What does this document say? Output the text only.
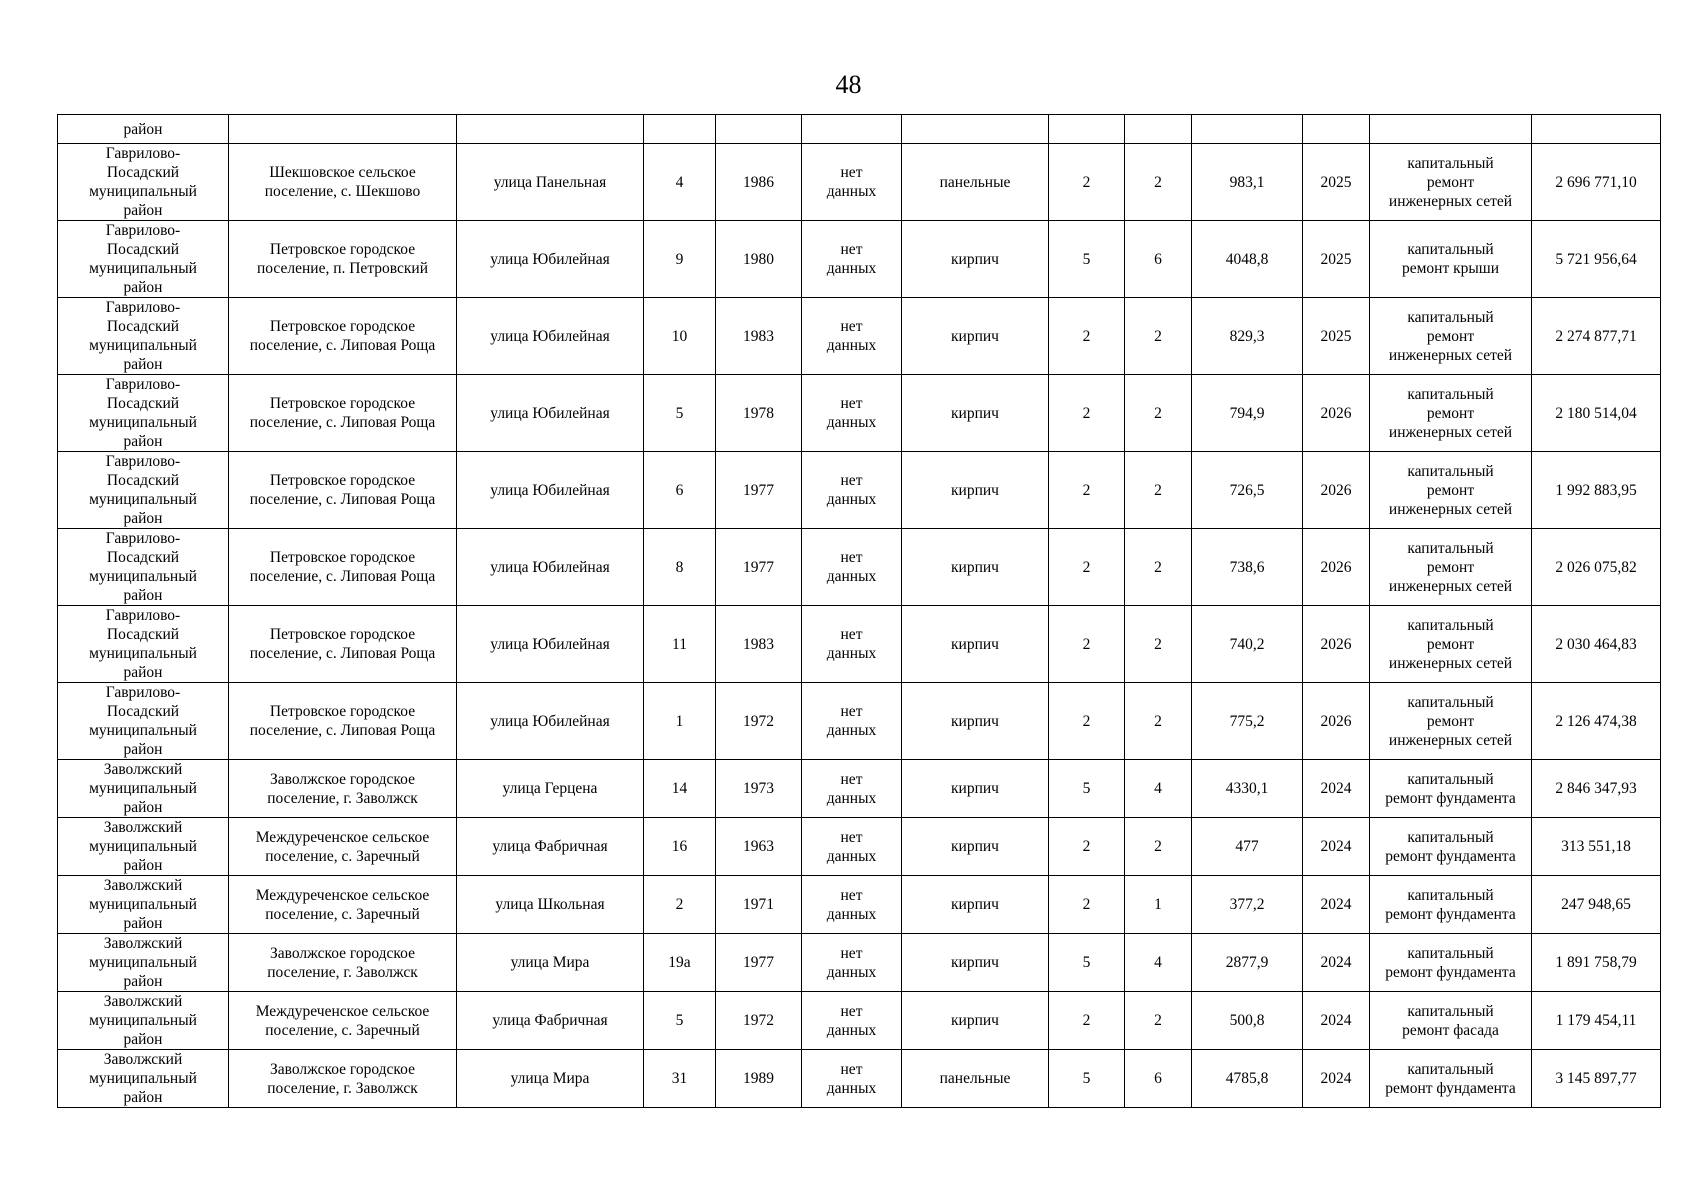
48
район												

Гаврилово-
Посадский
муниципальный
район	Шекшовское сельское
поселение, с. Шекшово	улица Панельная	4	1986	нет
данных	панельные	2	2	983,1	2025	капитальный
ремонт
инженерных сетей	2 696 771,10

Гаврилово-
Посадский
муниципальный
район	Петровское городское
поселение, п. Петровский	улица Юбилейная	9	1980	нет
данных	кирпич	5	6	4048,8	2025	капитальный
ремонт крыши	5 721 956,64

Гаврилово-
Посадский
муниципальный
район	Петровское городское
поселение, с. Липовая Роща	улица Юбилейная	10	1983	нет
данных	кирпич	2	2	829,3	2025	капитальный
ремонт
инженерных сетей	2 274 877,71

Гаврилово-
Посадский
муниципальный
район	Петровское городское
поселение, с. Липовая Роща	улица Юбилейная	5	1978	нет
данных	кирпич	2	2	794,9	2026	капитальный
ремонт
инженерных сетей	2 180 514,04

Гаврилово-
Посадский
муниципальный
район	Петровское городское
поселение, с. Липовая Роща	улица Юбилейная	6	1977	нет
данных	кирпич	2	2	726,5	2026	капитальный
ремонт
инженерных сетей	1 992 883,95

Гаврилово-
Посадский
муниципальный
район	Петровское городское
поселение, с. Липовая Роща	улица Юбилейная	8	1977	нет
данных	кирпич	2	2	738,6	2026	капитальный
ремонт
инженерных сетей	2 026 075,82

Гаврилово-
Посадский
муниципальный
район	Петровское городское
поселение, с. Липовая Роща	улица Юбилейная	11	1983	нет
данных	кирпич	2	2	740,2	2026	капитальный
ремонт
инженерных сетей	2 030 464,83

Гаврилово-
Посадский
муниципальный
район	Петровское городское
поселение, с. Липовая Роща	улица Юбилейная	1	1972	нет
данных	кирпич	2	2	775,2	2026	капитальный
ремонт
инженерных сетей	2 126 474,38

Заволжский
муниципальный
район	Заволжское городское
поселение, г. Заволжск	улица Герцена	14	1973	нет
данных	кирпич	5	4	4330,1	2024	капитальный
ремонт фундамента	2 846 347,93

Заволжский
муниципальный
район	Междуреченское сельское
поселение, с. Заречный	улица Фабричная	16	1963	нет
данных	кирпич	2	2	477	2024	капитальный
ремонт фундамента	313 551,18

Заволжский
муниципальный
район	Междуреченское сельское
поселение, с. Заречный	улица Школьная	2	1971	нет
данных	кирпич	2	1	377,2	2024	капитальный
ремонт фундамента	247 948,65

Заволжский
муниципальный
район	Заволжское городское
поселение, г. Заволжск	улица Мира	19а	1977	нет
данных	кирпич	5	4	2877,9	2024	капитальный
ремонт фундамента	1 891 758,79

Заволжский
муниципальный
район	Междуреченское сельское
поселение, с. Заречный	улица Фабричная	5	1972	нет
данных	кирпич	2	2	500,8	2024	капитальный
ремонт фасада	1 179 454,11

Заволжский
муниципальный
район	Заволжское городское
поселение, г. Заволжск	улица Мира	31	1989	нет
данных	панельные	5	6	4785,8	2024	капитальный
ремонт фундамента	3 145 897,77
